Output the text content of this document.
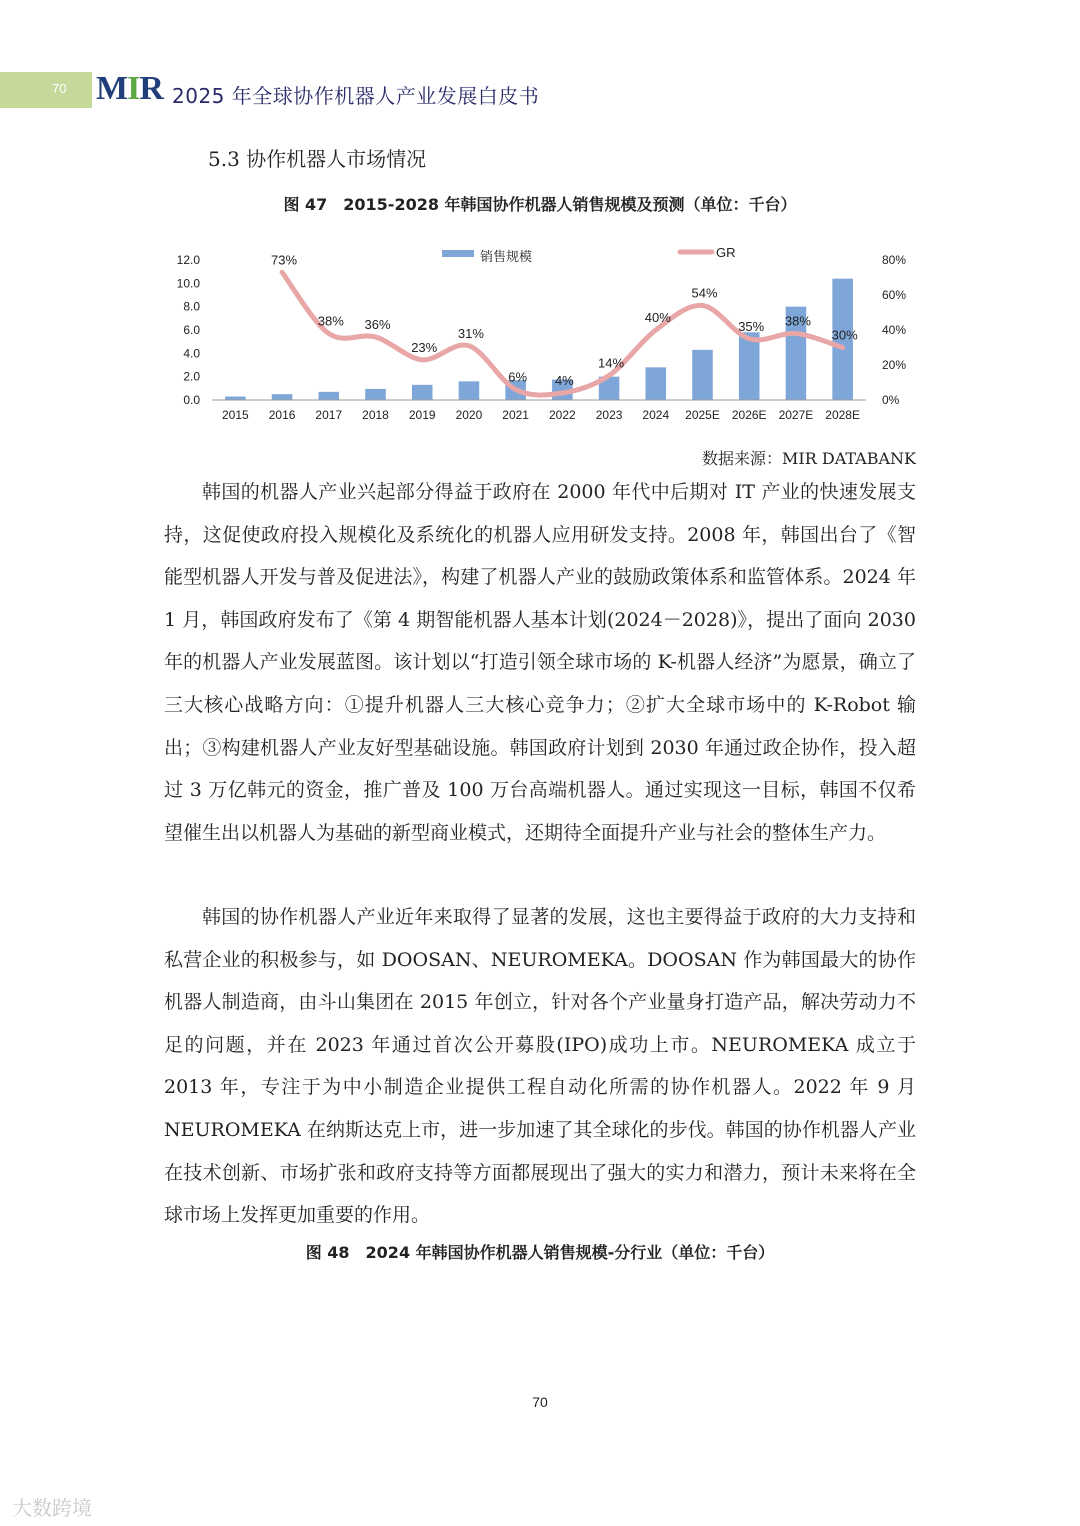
70 MIR 2025 年全球协作机器人产业发展白皮书
5.3 协作机器人市场情况
图 47　2015-2028 年韩国协作机器人销售规模及预测（单位：千台）
0.0
2.0
4.0
6.0
8.0
10.0
12.0
0%
20%
40%
60%
80%
2015 2016 2017 2018 2019 2020 2021 2022 2023 2024 2025E 2026E 2027E 2028E
73%
38% 36%
23%
31%
6% 4%
14%
40%
54%
35% 38%
30%
销售规模	GR
数据来源：MIR DATABANK

韩国的机器人产业兴起部分得益于政府在 2000 年代中后期对 IT 产业的快速发展支持，这促使政府投入规模化及系统化的机器人应用研发支持。2008 年，韩国出台了《智能型机器人开发与普及促进法》，构建了机器人产业的鼓励政策体系和监管体系。2024 年 1 月，韩国政府发布了《第 4 期智能机器人基本计划(2024－2028)》，提出了面向 2030 年的机器人产业发展蓝图。该计划以“打造引领全球市场的 K-机器人经济”为愿景，确立了三大核心战略方向：①提升机器人三大核心竞争力；②扩大全球市场中的 K-Robot 输出；③构建机器人产业友好型基础设施。韩国政府计划到 2030 年通过政企协作，投入超过 3 万亿韩元的资金，推广普及 100 万台高端机器人。通过实现这一目标，韩国不仅希望催生出以机器人为基础的新型商业模式，还期待全面提升产业与社会的整体生产力。

韩国的协作机器人产业近年来取得了显著的发展，这也主要得益于政府的大力支持和私营企业的积极参与，如 DOOSAN、NEUROMEKA。DOOSAN 作为韩国最大的协作机器人制造商，由斗山集团在 2015 年创立，针对各个产业量身打造产品，解决劳动力不足的问题，并在 2023 年通过首次公开募股(IPO)成功上市。NEUROMEKA 成立于 2013 年，专注于为中小制造企业提供工程自动化所需的协作机器人。2022 年 9 月 NEUROMEKA 在纳斯达克上市，进一步加速了其全球化的步伐。韩国的协作机器人产业在技术创新、市场扩张和政府支持等方面都展现出了强大的实力和潜力，预计未来将在全球市场上发挥更加重要的作用。

图 48　2024 年韩国协作机器人销售规模-分行业（单位：千台）
70
大数跨境
